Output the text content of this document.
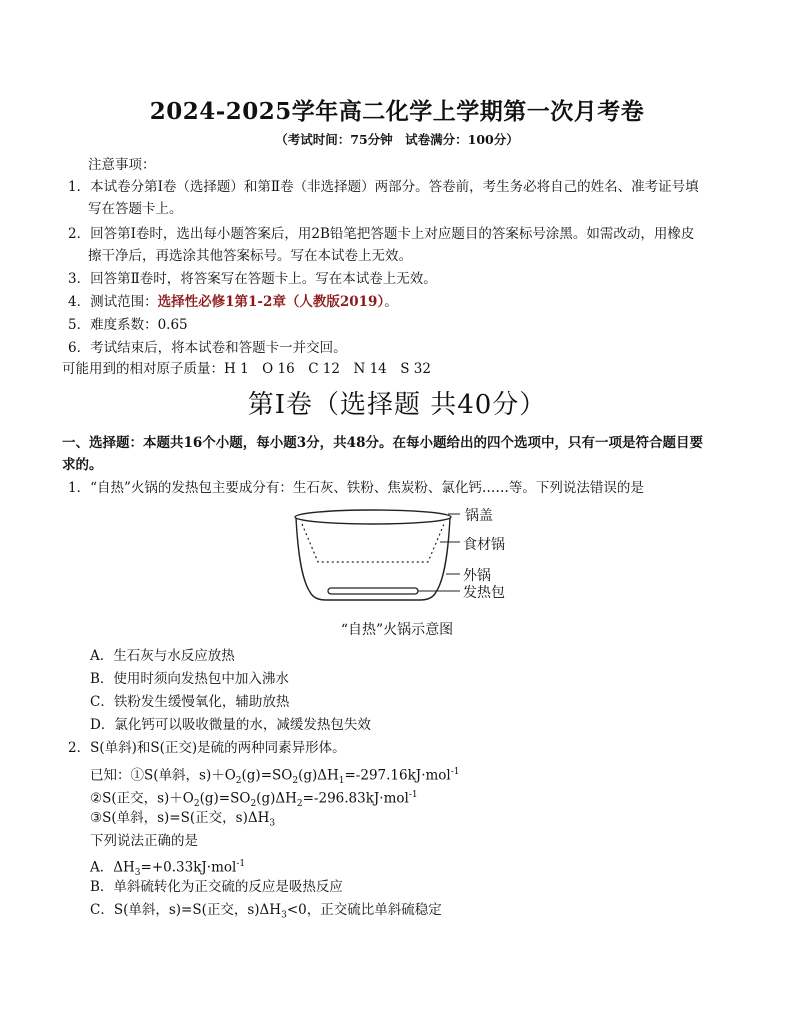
2024-2025学年高二化学上学期第一次月考卷
（考试时间：75分钟　试卷满分：100分）
注意事项：
1．本试卷分第Ⅰ卷（选择题）和第Ⅱ卷（非选择题）两部分。答卷前，考生务必将自己的姓名、准考证号填
写在答题卡上。
2．回答第Ⅰ卷时，选出每小题答案后，用2B铅笔把答题卡上对应题目的答案标号涂黑。如需改动，用橡皮
擦干净后，再选涂其他答案标号。写在本试卷上无效。
3．回答第Ⅱ卷时，将答案写在答题卡上。写在本试卷上无效。
4．测试范围：选择性必修1第1-2章（人教版2019）。
5．难度系数：0.65
6．考试结束后，将本试卷和答题卡一并交回。
可能用到的相对原子质量：H 1　O 16　C 12　N 14　S 32
第Ⅰ卷（选择题 共40分）
一、选择题：本题共16个小题，每小题3分，共48分。在每小题给出的四个选项中，只有一项是符合题目要
求的。
1．“自热”火锅的发热包主要成分有：生石灰、铁粉、焦炭粉、氯化钙……等。下列说法错误的是
锅盖
食材锅
外锅
发热包
“自热”火锅示意图
A．生石灰与水反应放热
B．使用时须向发热包中加入沸水
C．铁粉发生缓慢氧化，辅助放热
D．氯化钙可以吸收微量的水，减缓发热包失效
2．S(单斜)和S(正交)是硫的两种同素异形体。
已知：①S(单斜，$s)+O_2(g)=SO_2(g)\Delta H_1=-297.16kJ\cdot mol^{-1}$
②S(正交，$s)+O_2(g)=SO_2(g)\Delta H_2=-296.83kJ\cdot mol^{-1}$
③S(单斜，s)=S(正交，$s)\Delta H_3$
下列说法正确的是
A．$\Delta H_3=+0.33kJ\cdot mol^{-1}$
B．单斜硫转化为正交硫的反应是吸热反应
C．S(单斜，s)=S(正交，$s)\Delta H_3<0$，正交硫比单斜硫稳定
